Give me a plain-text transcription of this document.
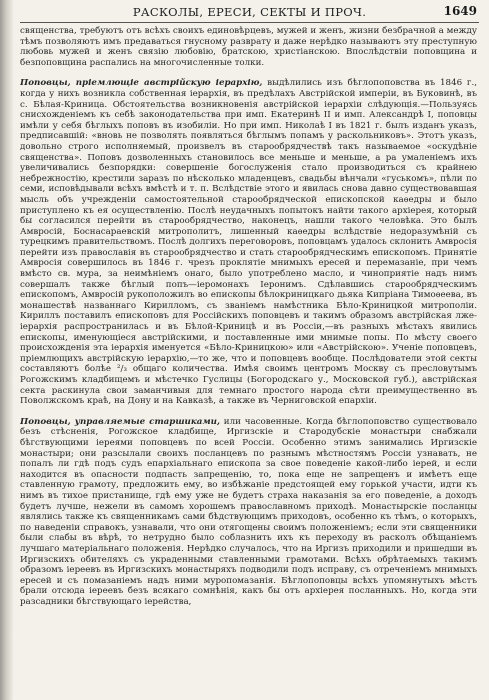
РАСКОЛЫ, ЕРЕСИ, СЕКТЫ И ПРОЧ.	1649

священства, требуютъ отъ всѣхъ своихъ единовѣрцевъ, мужей и женъ, жизни безбрачной а между тѣмъ позволяютъ имъ предаваться гнусному разврату и даже нерѣдко называютъ эту преступную любовь мужей и женъ связію любовію, братскою, христіанскою. Впослѣдствіи поповщина и безпоповщина распались на многочисленные толки.

Поповцы, пріемлющіе австрійскую іерархію, выдѣлились изъ бѣглопоповства въ 1846 г., когда у нихъ возникла собственная іерархія, въ предѣлахъ Австрійской имперіи, въ Буковинѣ, въ с. Бѣлая-Криница. Обстоятельства возникновенія австрійской іерархіи слѣдующія.—Пользуясь снисхожденіемъ къ себѣ законодательства при имп. Екатеринѣ II и имп. Александрѣ I, поповцы имѣли у себя бѣглыхъ поповъ въ изобиліи. Но при имп. Николаѣ I въ 1821 г. былъ изданъ указъ, предписавшій: «вновь не позволять появляться бѣглымъ попамъ у раскольниковъ». Этотъ указъ, довольно строго исполняемый, произвелъ въ старообрядчествѣ такъ называемое «оскудѣніе священства». Поповъ дозволенныхъ становилось все меньше и меньше, а ра умаленіемъ ихъ увеличивались безпорядки: совершеніе богослуженія стало производиться съ крайнею небрежностію, крестили заразъ по нѣсколько младенцевъ, свадьбы вѣнчали «гуськомъ», пѣли по семи, исповѣдывали всѣхъ вмѣстѣ и т. п. Вслѣдствіе этого и явилась снова давно существовавшая мысль объ учрежденіи самостоятельной старообрядческой епископской каѳедры и было приступлено къ ея осуществленію. Послѣ неудачныхъ попытокъ найти такого архіерея, который бы согласился перейти въ старообрядчество, наконецъ, нашли такого человѣка. Это былъ Амвросій, Боснасараевскій митрополитъ, лишенный каѳедры вслѣдствіе недоразумѣній съ турецкимъ правительствомъ. Послѣ долгихъ переговоровъ, поповцамъ удалось склонить Амвросія перейти изъ православія въ старообрядчество и стать старообрядческимъ епископомъ. Принятіе Амвросія совершилось въ 1846 г. чрезъ проклятіе мнимыхъ ересей и перемазаніе, при чемъ вмѣсто св. мура, за неимѣніемъ онаго, было употреблено масло, и чиноприятіе надъ нимъ совершалъ также бѣглый попъ—іеромонахъ Іеронимъ. Сдѣлавшись старообрядческимъ епископомъ, Амвросій рукоположилъ во епископы бѣлокриницкаго дьяка Кипріана Тимоѳеева, въ монашествѣ названнаго Кирилломъ, съ званіемъ намѣстника Бѣло-Криницкой митрополіи. Кириллъ поставилъ епископовъ для Россійскихъ поповцевъ и такимъ образомъ австрійская лже-іерархія распространилась и въ Бѣлой-Криницѣ и въ Россіи,—въ разныхъ мѣстахъ явились епископы, именующіеся австрійскими, и поставленные ими мнимые попы. По мѣсту своего происхожденія эта іерархія именуется «Бѣло-Криницкою» или «Австрійскою». Ученіе поповцевъ, пріемлющихъ австрійскую іерархію,—то же, что и поповцевъ вообще. Послѣдователи этой секты составляютъ болѣе ²/₃ общаго количества. Имѣя своимъ центромъ Москву съ пресловутымъ Рогожскимъ кладбищемъ и мѣстечко Гуслицы (Богородскаго у., Московской губ.), австрійская секта раскинула свои заманчивыя для темнаго простого народа сѣти преимущественно въ Поволжскомъ краѣ, на Дону и на Кавказѣ, а также въ Черниговской епархіи.

Поповцы, управляемые старшиками, или часовенные. Когда бѣглопоповство существовало безъ стѣсненія, Рогожское кладбище, Иргизскіе и Стародубскіе монастыри снабжали бѣгствующими іереями поповцевъ по всей Россіи. Особенно этимъ занимались Иргизскіе монастыри; они разсылали своихъ посланцевъ по разнымъ мѣстностямъ Россіи узнавать, не попалъ ли гдѣ подъ судъ епархіальнаго епископа за свое поведеніе какой-либо іерей, и если находится въ опасности подпасть запрещенію, то, пока еще не запрещенъ и имѣетъ еще ставленную грамоту, предложить ему, во избѣжаніе предстоящей ему горькой участи, идти къ нимъ въ тихое пристанище, гдѣ ему уже не будетъ страха наказанія за его поведеніе, а доходъ будетъ лучше, нежели въ самомъ хорошемъ православномъ приходѣ. Монастырскіе посланцы являлись также къ священникамъ сами бѣдствующимъ приходовъ, особенно къ тѣмъ, о которыхъ, по наведеніи справокъ, узнавали, что они отягощены своимъ положеніемъ; если эти священники были слабы въ вѣрѣ, то нетрудно было соблазнить ихъ къ переходу въ расколъ обѣщаніемъ лучшаго матеріальнаго положенія. Нерѣдко случалось, что на Иргизъ приходили и пришедши въ Иргизскихъ обителяхъ съ украденными ставленными грамотами. Всѣхъ обрѣтаемыхъ такимъ образомъ іереевъ въ Иргизскихъ монастыряхъ подводили подъ исправу, съ отреченіемъ мнимыхъ ересей и съ помазаніемъ надъ ними муропомазанія. Бѣглопоповцы всѣхъ упомянутыхъ мѣстъ брали отсюда іереевъ безъ всякаго сомнѣнія, какъ бы отъ архіерея посланныхъ. Но, когда эти разсадники бѣгствующаго іерейства,
